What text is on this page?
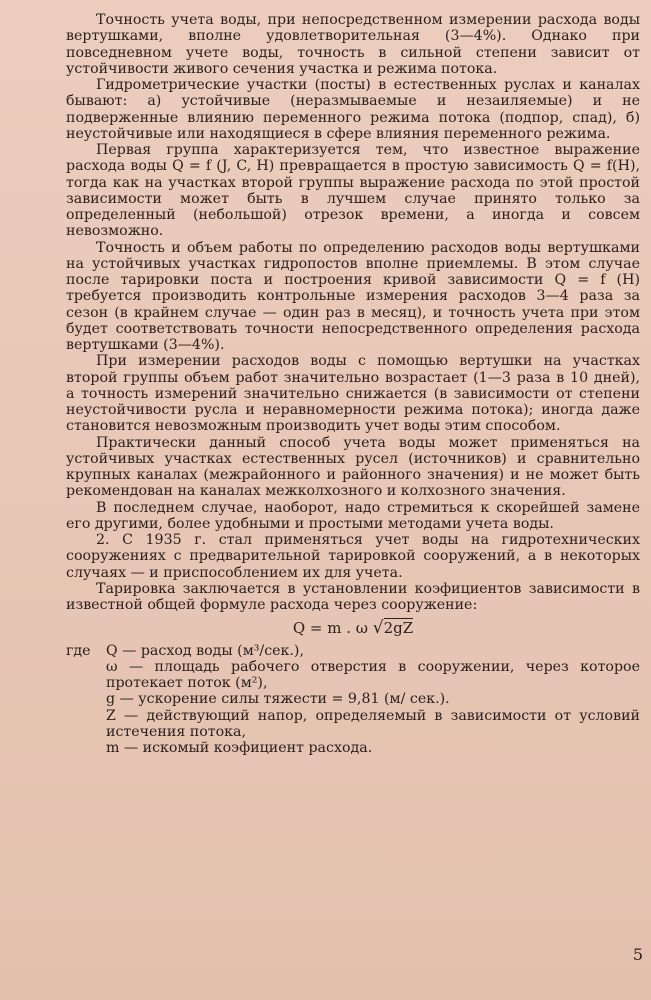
Точность учета воды, при непосредственном измерении расхода воды вертушками, вполне удовлетворительная (3—4%). Однако при повседневном учете воды, точность в сильной степени зависит от устойчивости живого сечения участка и режима потока.

Гидрометрические участки (посты) в естественных руслах и каналах бывают: а) устойчивые (неразмываемые и незаиляемые) и не подверженные влиянию переменного режима потока (подпор, спад), б) неустойчивые или находящиеся в сфере влияния переменного режима.

Первая группа характеризуется тем, что известное выражение расхода воды Q = f (J, C, H) превращается в простую зависимость Q = f(H), тогда как на участках второй группы выражение расхода по этой простой зависимости может быть в лучшем случае принято только за определенный (небольшой) отрезок времени, а иногда и совсем невозможно.

Точность и объем работы по определению расходов воды вертушками на устойчивых участках гидропостов вполне приемлемы. В этом случае после тарировки поста и построения кривой зависимости Q = f (H) требуется производить контрольные измерения расходов 3—4 раза за сезон (в крайнем случае — один раз в месяц), и точность учета при этом будет соответствовать точности непосредственного определения расхода вертушками (3—4%).

При измерении расходов воды с помощью вертушки на участках второй группы объем работ значительно возрастает (1—3 раза в 10 дней), а точность измерений значительно снижается (в зависимости от степени неустойчивости русла и неравномерности режима потока); иногда даже становится невозможным производить учет воды этим способом.

Практически данный способ учета воды может применяться на устойчивых участках естественных русел (источников) и сравнительно крупных каналах (межрайонного и районного значения) и не может быть рекомендован на каналах межколхозного и колхозного значения.

В последнем случае, наоборот, надо стремиться к скорейшей замене его другими, более удобными и простыми методами учета воды.

2. С 1935 г. стал применяться учет воды на гидротехнических сооружениях с предварительной тарировкой сооружений, а в некоторых случаях — и приспособлением их для учета.

Тарировка заключается в установлении коэфициентов зависимости в известной общей формуле расхода через сооружение:

Q = m . ω √2gZ
где	Q — расход воды (м³/сек.),
ω — площадь рабочего отверстия в сооружении, через которое протекает поток (м²),
g — ускорение силы тяжести = 9,81 (м/ сек.).
Z — действующий напор, определяемый в зависимости от условий истечения потока,
m — искомый коэфициент расхода.
5
